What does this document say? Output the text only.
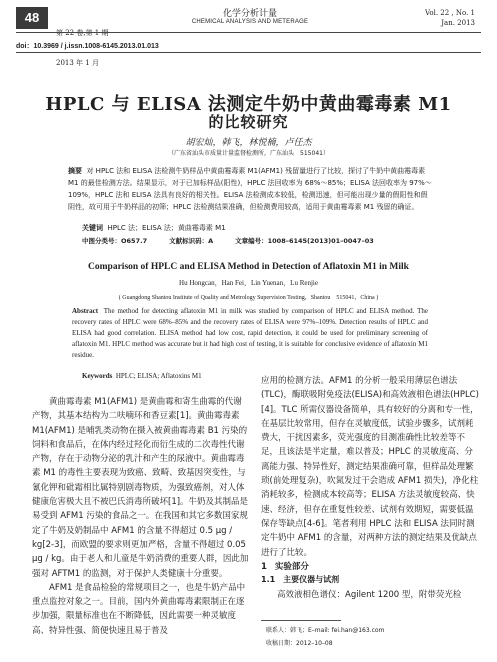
48

第 22 卷,第 1 期

2013 年 1 月

化学分析计量
CHEMICAL ANALYSIS AND METERAGE
Vol. 22 , No. 1
Jan. 2013
doi：10.3969 / j.issn.1008-6145.2013.01.013
HPLC 与 ELISA 法测定牛奶中黄曲霉毒素 M1
的比较研究
胡宏灿，韩飞，林悦楠，卢任杰
（广东省汕头市质量计量监督检测所，广东汕头　515041）
摘要 对 HPLC 法和 ELISA 法检测牛奶样品中黄曲霉毒素 M1(AFM1) 残留量进行了比较，探讨了牛奶中黄曲霉毒素 M1 的最佳检测方法。结果显示，对于已加标样品(阳性)，HPLC 法回收率为 68%～85%；ELISA 法回收率为 97%～109%，HPLC 法和 ELISA 法具有良好的相关性。ELISA 法检测成本较低，检测迅速，但可能出现少量的假阳性和假阴性，故可用于牛奶样品的初筛；HPLC 法检测结果准确，但检测费用较高，适用于黄曲霉毒素 M1 残留的确证。
关键词 HPLC 法；ELISA 法；黄曲霉毒素 M1
中图分类号：O657.7	文献标识码：A	文章编号：1008–6145(2013)01–0047–03
Comparison of HPLC and ELISA Method in Detection of Aflatoxin M1 in Milk
Hu Hongcan，Han Fei，Lin Yuenan，Lu Renjie
( Guangdong Shantou Institute of Quality and Metrology Supervision Testing，Shantou　515041，China )
Abstract The method for detecting aflatoxin M1 in milk was studied by comparison of HPLC and ELISA method. The recovery rates of HPLC were 68%–85% and the recovery rates of ELISA were 97%–109%. Detection results of HPLC and ELISA had good correlation. ELISA method had low cost, rapid detection, it could be used for preliminary screening of aflatoxin M1. HPLC method was accurate but it had high cost of testing, it is suitable for conclusive evidence of aflatoxin M1 residue.
Keywords HPLC; ELISA; Aflatoxins M1
黄曲霉毒素 M1(AFM1) 是黄曲霉和寄生曲霉的代谢产物，其基本结构为二呋喃环和香豆素[1]。黄曲霉毒素 M1(AFM1) 是哺乳类动物在摄入被黄曲霉毒素 B1 污染的饲料和食品后，在体内经过羟化而衍生成的二次毒性代谢产物，存在于动物分泌的乳汁和产生的尿液中。黄曲霉毒素 M1 的毒性主要表现为致癌、致畸、致基因突变性，与氰化钾和砒霜相比属特别剧毒物质，为强致癌剂，对人体健康危害极大且不被巴氏消毒所破坏[1]。牛奶及其制品是易受到 AFM1 污染的食品之一。在我国和其它多数国家规定了牛奶及奶制品中 AFM1 的含量不得超过 0.5 μg / kg[2-3]，而欧盟的要求则更加严格，含量不得超过 0.05 μg / kg。由于老人和儿童是牛奶消费的重要人群，因此加强对 AFTM1 的监测，对于保护人类健康十分重要。
AFM1 是食品检验的常规项目之一，也是牛奶产品中重点监控对象之一。目前，国内外黄曲霉毒素限制正在逐步加强，限量标准也在不断降低，因此需要一种灵敏度高、特异性强、简便快速且易于普及
应用的检测方法。AFM1 的分析一般采用薄层色谱法(TLC)，酶联吸附免疫法(ELISA)和高效液相色谱法(HPLC)[4]。TLC 所需仪器设备简单，具有较好的分离和专一性，在基层比较常用，但存在灵敏度低，试验步骤多，试剂耗费大，干扰因素多，荧光强度的目测准确性比较差等不足，且该法是半定量，难以普及；HPLC 的灵敏度高、分离能力强、特异性好，测定结果准确可靠，但样品处理繁琐(前处理复杂)，吹氮发过干会造成 AFM1 损失)，净化柱消耗较多，检测成本较高等；ELISA 方法灵敏度较高、快速、经济，但存在重复性较差、试剂有效期短，需要低温保存等缺点[4-6]。笔者利用 HPLC 法和 ELISA 法同时测定牛奶中 AFM1 的含量，对两种方法的测定结果及优缺点进行了比较。
1 实验部分
1.1 主要仪器与试剂
高效液相色谱仪：Agilent 1200 型，附带荧光检
联系人：韩飞；E–mail: fei.han@163.com
收稿日期：2012–10–08
